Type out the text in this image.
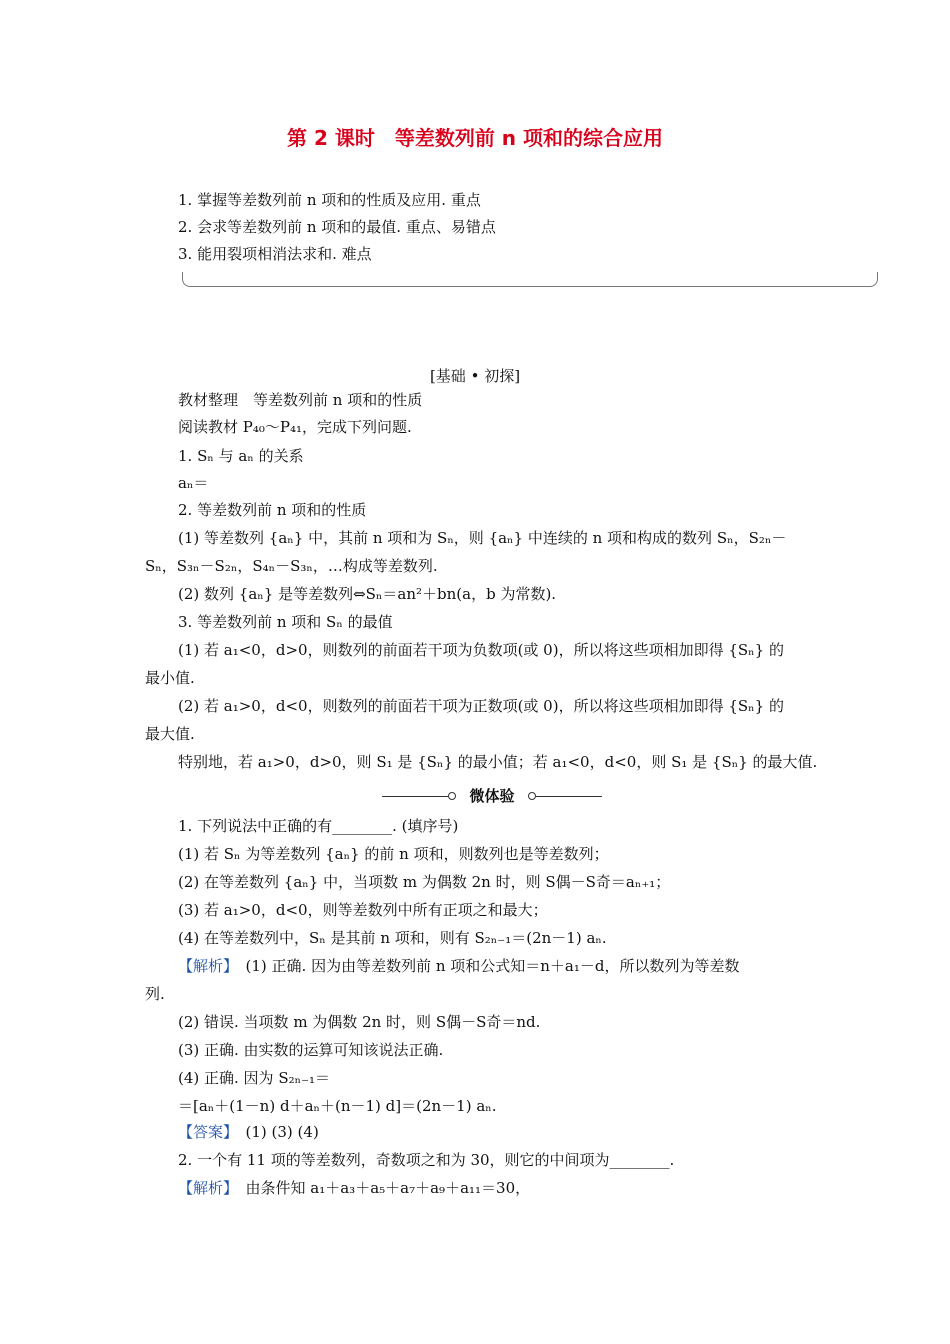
第 2 课时　等差数列前 n 项和的综合应用
1. 掌握等差数列前 n 项和的性质及应用. 重点
2. 会求等差数列前 n 项和的最值. 重点、易错点
3. 能用裂项相消法求和. 难点
[基础 • 初探]
教材整理　等差数列前 n 项和的性质
阅读教材 P₄₀～P₄₁，完成下列问题.
1. Sₙ 与 aₙ 的关系
aₙ＝
2. 等差数列前 n 项和的性质
(1) 等差数列 {aₙ} 中，其前 n 项和为 Sₙ，则 {aₙ} 中连续的 n 项和构成的数列 Sₙ，S₂ₙ－
Sₙ，S₃ₙ－S₂ₙ，S₄ₙ－S₃ₙ，…构成等差数列.
(2) 数列 {aₙ} 是等差数列⇔Sₙ＝an²＋bn(a，b 为常数).
3. 等差数列前 n 项和 Sₙ 的最值
(1) 若 a₁<0，d>0，则数列的前面若干项为负数项(或 0)，所以将这些项相加即得 {Sₙ} 的
最小值.
(2) 若 a₁>0，d<0，则数列的前面若干项为正数项(或 0)，所以将这些项相加即得 {Sₙ} 的
最大值.
特别地，若 a₁>0，d>0，则 S₁ 是 {Sₙ} 的最小值；若 a₁<0，d<0，则 S₁ 是 {Sₙ} 的最大值.
微体验
1. 下列说法中正确的有________. (填序号)
(1) 若 Sₙ 为等差数列 {aₙ} 的前 n 项和，则数列也是等差数列；
(2) 在等差数列 {aₙ} 中，当项数 m 为偶数 2n 时，则 S偶－S奇＝aₙ₊₁；
(3) 若 a₁>0，d<0，则等差数列中所有正项之和最大；
(4) 在等差数列中，Sₙ 是其前 n 项和，则有 S₂ₙ₋₁＝(2n－1) aₙ.
【解析】　(1) 正确. 因为由等差数列前 n 项和公式知＝n＋a₁－d，所以数列为等差数
列.
(2) 错误. 当项数 m 为偶数 2n 时，则 S偶－S奇＝nd.
(3) 正确. 由实数的运算可知该说法正确.
(4) 正确. 因为 S₂ₙ₋₁＝
＝[aₙ＋(1－n) d＋aₙ＋(n－1) d]＝(2n－1) aₙ.
【答案】　(1) (3) (4)
2. 一个有 11 项的等差数列，奇数项之和为 30，则它的中间项为________.
【解析】　由条件知 a₁＋a₃＋a₅＋a₇＋a₉＋a₁₁＝30，
